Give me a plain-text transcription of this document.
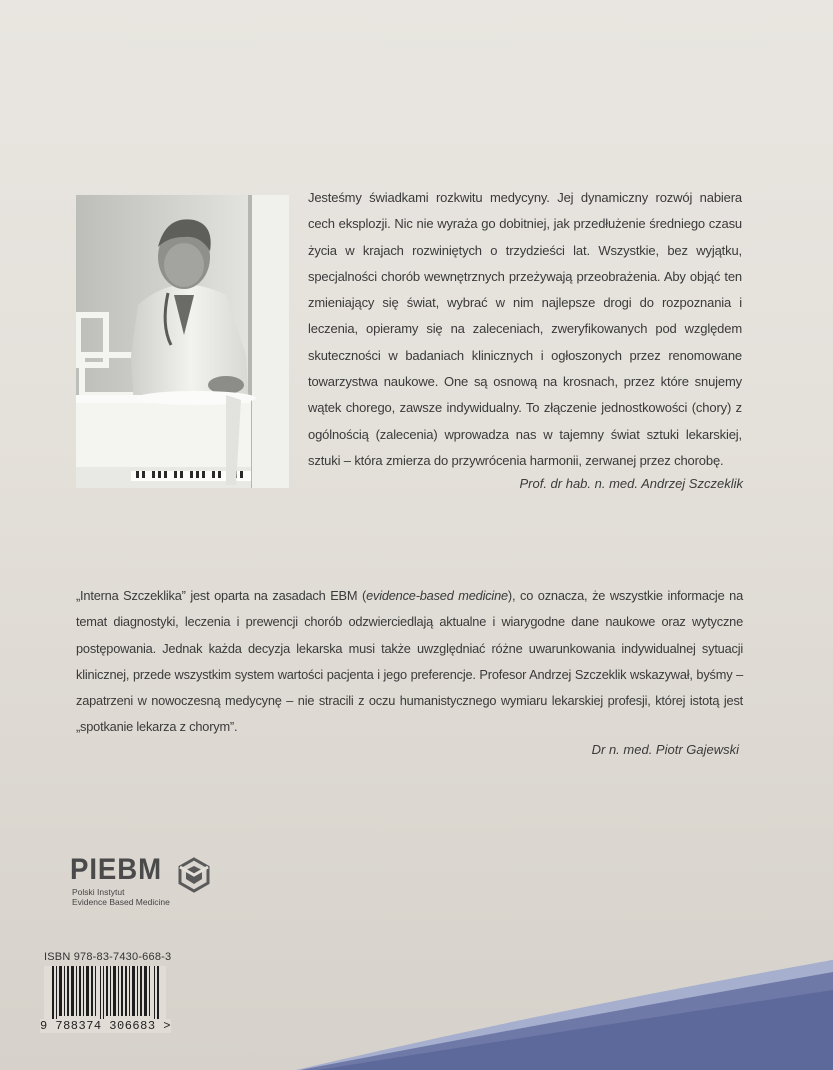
Jesteśmy świadkami rozkwitu medycyny. Jej dynamiczny rozwój nabiera cech eksplozji. Nic nie wyraża go dobitniej, jak przedłużenie średniego czasu życia w krajach rozwiniętych o trzydzieści lat. Wszystkie, bez wyjątku, specjalności chorób wewnętrznych przeżywają przeobrażenia. Aby objąć ten zmieniający się świat, wybrać w nim najlepsze drogi do rozpoznania i leczenia, opieramy się na zaleceniach, zweryfikowanych pod względem skuteczności w badaniach klinicznych i ogłoszonych przez renomowane towarzystwa naukowe. One są osnową na krosnach, przez które snujemy wątek chorego, zawsze indywidualny. To złączenie jednostkowości (chory) z ogólnością (zalecenia) wprowadza nas w tajemny świat sztuki lekarskiej, sztuki – która zmierza do przywrócenia harmonii, zerwanej przez chorobę.

Prof. dr hab. n. med. Andrzej Szczeklik

„Interna Szczeklika” jest oparta na zasadach EBM (evidence-based medicine), co oznacza, że wszystkie informacje na temat diagnostyki, leczenia i prewencji chorób odzwierciedlają aktualne i wiarygodne dane naukowe oraz wytyczne postępowania. Jednak każda decyzja lekarska musi także uwzględniać różne uwarunkowania indywidualnej sytuacji klinicznej, przede wszystkim system wartości pacjenta i jego preferencje. Profesor Andrzej Szczeklik wskazywał, byśmy – zapatrzeni w nowoczesną medycynę – nie stracili z oczu humanistycznego wymiaru lekarskiej profesji, której istotą jest „spotkanie lekarza z chorym”.

Dr n. med. Piotr Gajewski
PIEBM
Polski Instytut
Evidence Based Medicine
ISBN 978-83-7430-668-3
9 788374 306683 >
